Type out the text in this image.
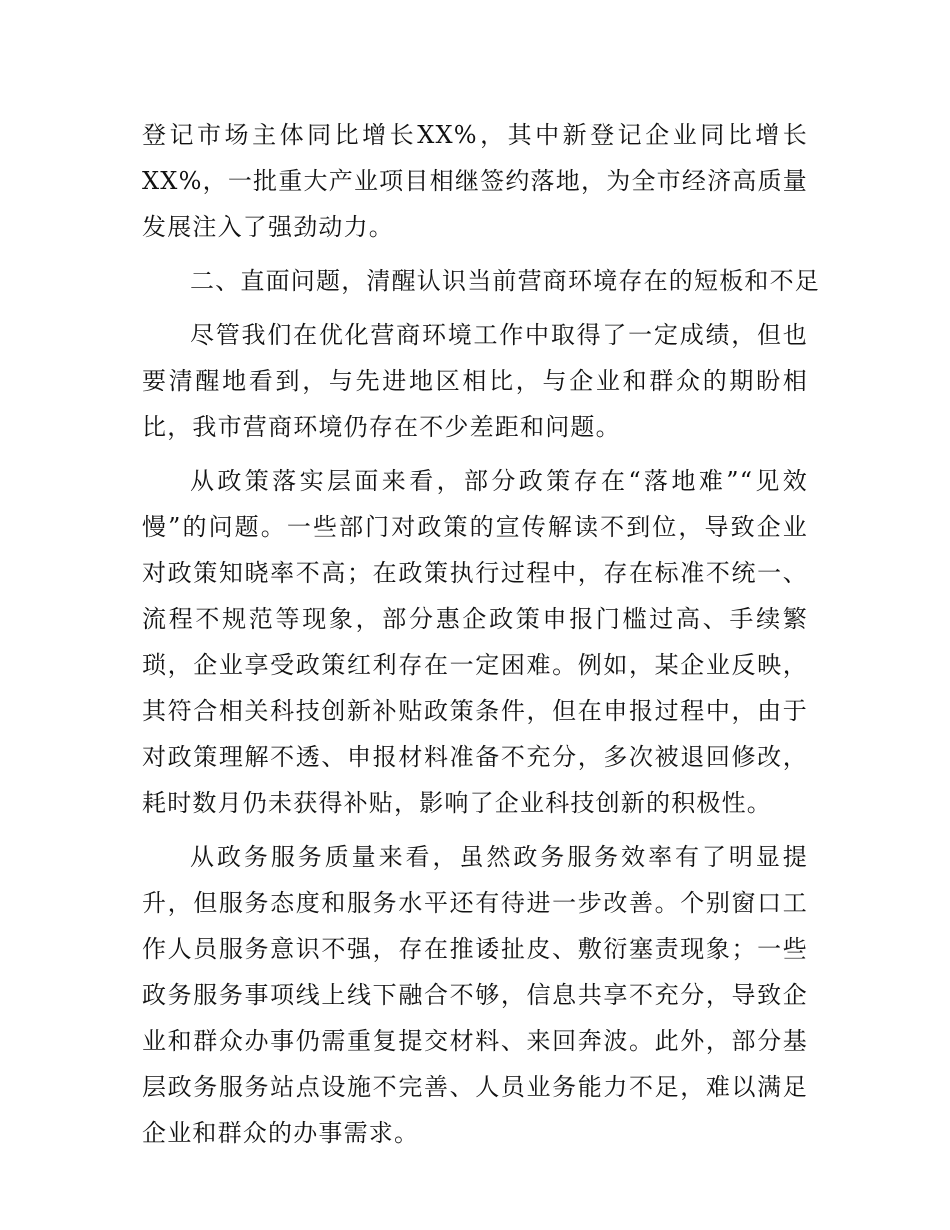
登记市场主体同比增长XX%，其中新登记企业同比增长XX%，一批重大产业项目相继签约落地，为全市经济高质量发展注入了强劲动力。

二、直面问题，清醒认识当前营商环境存在的短板和不足

尽管我们在优化营商环境工作中取得了一定成绩，但也要清醒地看到，与先进地区相比，与企业和群众的期盼相比，我市营商环境仍存在不少差距和问题。

从政策落实层面来看，部分政策存在“落地难”“见效慢”的问题。一些部门对政策的宣传解读不到位，导致企业对政策知晓率不高；在政策执行过程中，存在标准不统一、流程不规范等现象，部分惠企政策申报门槛过高、手续繁琐，企业享受政策红利存在一定困难。例如，某企业反映，其符合相关科技创新补贴政策条件，但在申报过程中，由于对政策理解不透、申报材料准备不充分，多次被退回修改，耗时数月仍未获得补贴，影响了企业科技创新的积极性。

从政务服务质量来看，虽然政务服务效率有了明显提升，但服务态度和服务水平还有待进一步改善。个别窗口工作人员服务意识不强，存在推诿扯皮、敷衍塞责现象；一些政务服务事项线上线下融合不够，信息共享不充分，导致企业和群众办事仍需重复提交材料、来回奔波。此外，部分基层政务服务站点设施不完善、人员业务能力不足，难以满足企业和群众的办事需求。
